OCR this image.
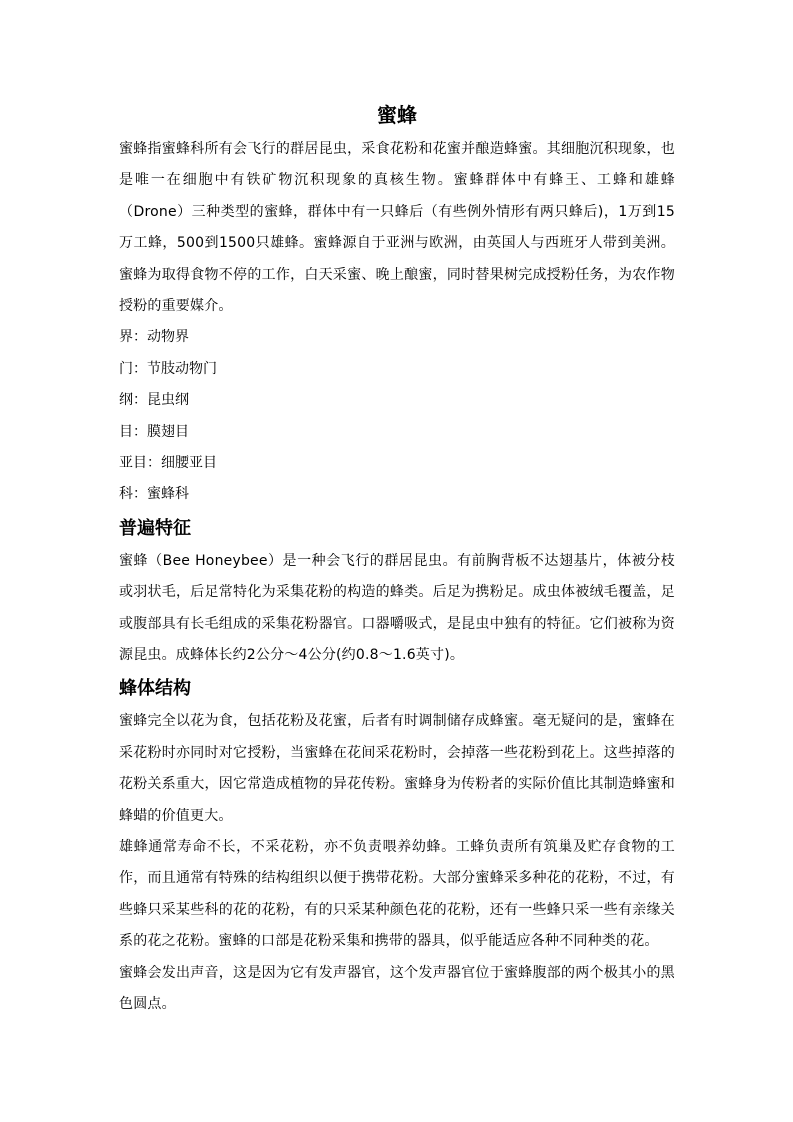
蜜蜂

蜜蜂指蜜蜂科所有会飞行的群居昆虫，采食花粉和花蜜并酿造蜂蜜。其细胞沉积现象，也是唯一在细胞中有铁矿物沉积现象的真核生物。蜜蜂群体中有蜂王、工蜂和雄蜂（Drone）三种类型的蜜蜂，群体中有一只蜂后（有些例外情形有两只蜂后)，1万到15万工蜂，500到1500只雄蜂。蜜蜂源自于亚洲与欧洲，由英国人与西班牙人带到美洲。蜜蜂为取得食物不停的工作，白天采蜜、晚上酿蜜，同时替果树完成授粉任务，为农作物授粉的重要媒介。

界：动物界

门：节肢动物门

纲：昆虫纲

目：膜翅目

亚目：细腰亚目

科：蜜蜂科

普遍特征

蜜蜂（Bee Honeybee）是一种会飞行的群居昆虫。有前胸背板不达翅基片，体被分枝或羽状毛，后足常特化为采集花粉的构造的蜂类。后足为携粉足。成虫体被绒毛覆盖，足或腹部具有长毛组成的采集花粉器官。口器嚼吸式，是昆虫中独有的特征。它们被称为资源昆虫。成蜂体长约2公分～4公分(约0.8～1.6英寸)。

蜂体结构

蜜蜂完全以花为食，包括花粉及花蜜，后者有时调制储存成蜂蜜。毫无疑问的是，蜜蜂在采花粉时亦同时对它授粉，当蜜蜂在花间采花粉时，会掉落一些花粉到花上。这些掉落的花粉关系重大，因它常造成植物的异花传粉。蜜蜂身为传粉者的实际价值比其制造蜂蜜和蜂蜡的价值更大。

雄蜂通常寿命不长，不采花粉，亦不负责喂养幼蜂。工蜂负责所有筑巢及贮存食物的工作，而且通常有特殊的结构组织以便于携带花粉。大部分蜜蜂采多种花的花粉，不过，有些蜂只采某些科的花的花粉，有的只采某种颜色花的花粉，还有一些蜂只采一些有亲缘关系的花之花粉。蜜蜂的口部是花粉采集和携带的器具，似乎能适应各种不同种类的花。

蜜蜂会发出声音，这是因为它有发声器官，这个发声器官位于蜜蜂腹部的两个极其小的黑色圆点。
